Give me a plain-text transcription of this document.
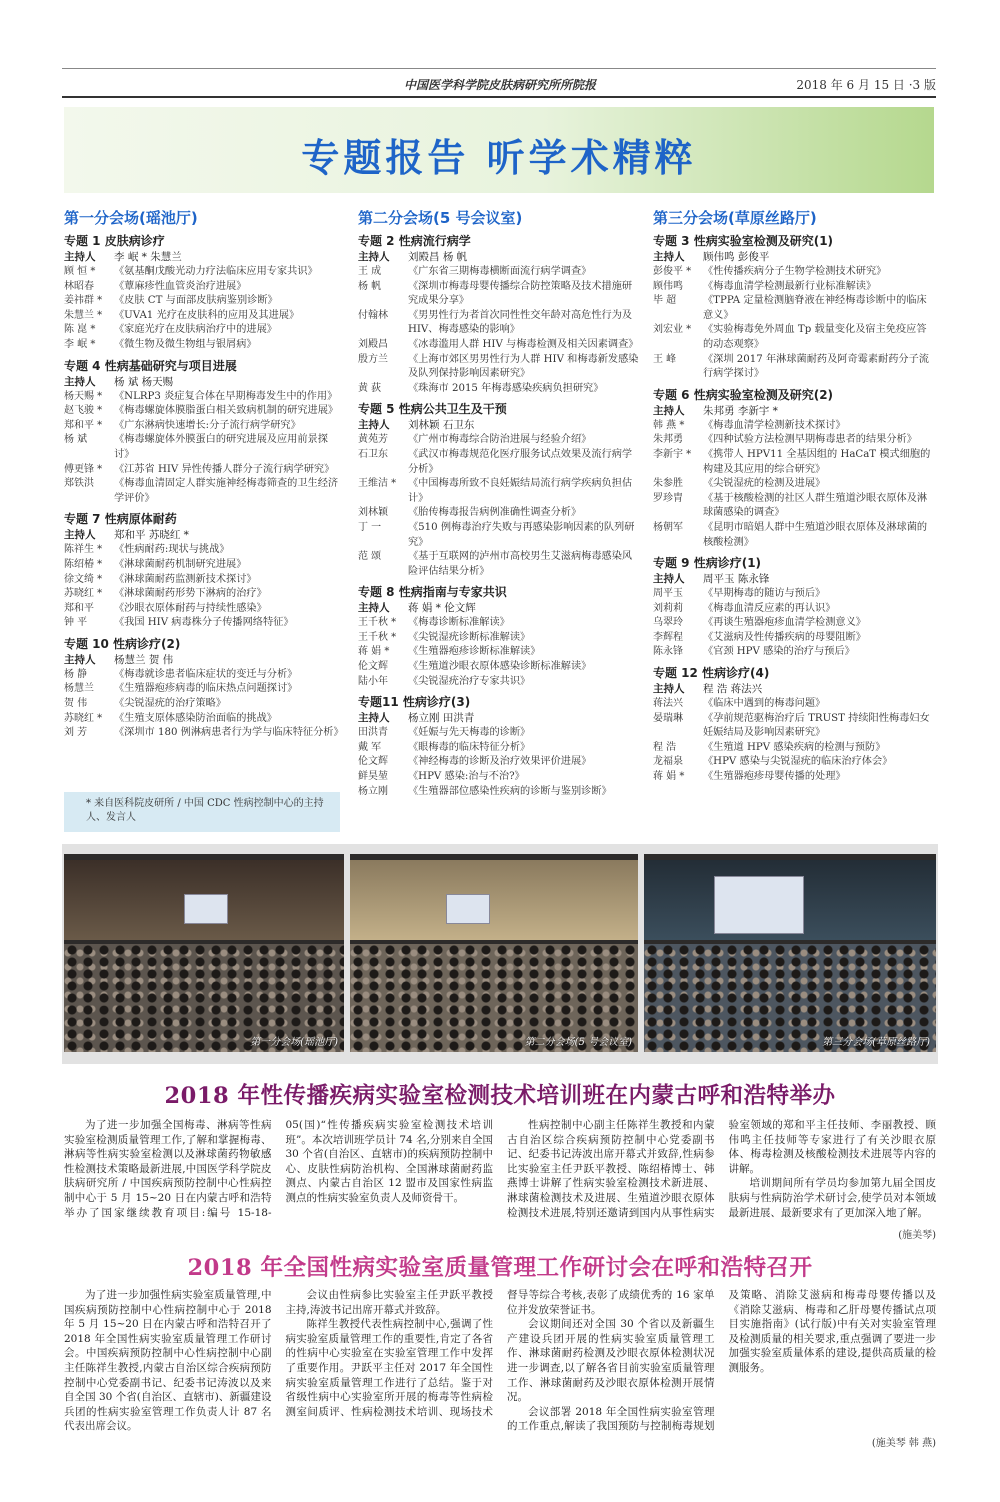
中国医学科学院皮肤病研究所所院报	2018 年 6 月 15 日 ·3 版
专题报告 听学术精粹
第一分会场(瑶池厅)
专题 1 皮肤病诊疗
主持人	李 岷 * 朱慧兰
顾 恒 *	《氨基酮戊酸光动力疗法临床应用专家共识》
林昭春	《蕈麻疹性血管炎治疗进展》
姜祎群 *	《皮肤 CT 与面部皮肤病鉴别诊断》
朱慧兰 *	《UVA1 光疗在皮肤科的应用及其进展》
陈 崑 *	《家庭光疗在皮肤病治疗中的进展》
李 岷 *	《微生物及微生物组与银屑病》
专题 4 性病基础研究与项目进展
主持人	杨 斌 杨天赐
杨天赐 *	《NLRP3 炎症复合体在早期梅毒发生中的作用》
赵飞骏 *	《梅毒螺旋体膜脂蛋白相关致病机制的研究进展》
郑和平 *	《广东淋病快速增长:分子流行病学研究》
杨 斌	《梅毒螺旋体外膜蛋白的研究进展及应用前景探讨》
傅更锋 *	《江苏省 HIV 异性传播人群分子流行病学研究》
郑铁洪	《梅毒血清固定人群实施神经梅毒筛查的卫生经济学评价》
专题 7 性病原体耐药
主持人	郑和平 苏晓红 *
陈祥生 *	《性病耐药:现状与挑战》
陈绍椿 *	《淋球菌耐药机制研究进展》
徐文绮 *	《淋球菌耐药监测新技术探讨》
苏晓红 *	《淋球菌耐药形势下淋病的治疗》
郑和平	《沙眼衣原体耐药与持续性感染》
钟 平	《我国 HIV 病毒株分子传播网络特征》
专题 10 性病诊疗(2)
主持人	杨慧兰 贺 伟
杨 静	《梅毒就诊患者临床症状的变迁与分析》
杨慧兰	《生殖器疱疹病毒的临床热点问题探讨》
贺 伟	《尖锐湿疣的治疗策略》
苏晓红 *	《生殖支原体感染防治面临的挑战》
刘 芳	《深圳市 180 例淋病患者行为学与临床特征分析》
第二分会场(5 号会议室)
专题 2 性病流行病学
主持人	刘殿昌 杨 帆
王 成	《广东省三期梅毒横断面流行病学调查》
杨 帆	《深圳市梅毒母婴传播综合防控策略及技术措施研究成果分享》
付翰林	《男男性行为者首次同性性交年龄对高危性行为及 HIV、梅毒感染的影响》
刘殿昌	《冰毒滥用人群 HIV 与梅毒检测及相关因素调查》
殷方兰	《上海市郊区男男性行为人群 HIV 和梅毒新发感染及队列保持影响因素研究》
黄 荻	《珠海市 2015 年梅毒感染疾病负担研究》
专题 5 性病公共卫生及干预
主持人	刘林颖 石卫东
黄苑芳	《广州市梅毒综合防治进展与经验介绍》
石卫东	《武汉市梅毒规范化医疗服务试点效果及流行病学分析》
王维洁 *	《中国梅毒所致不良妊娠结局流行病学疾病负担估计》
刘林颖	《胎传梅毒报告病例准确性调查分析》
丁 一	《510 例梅毒治疗失败与再感染影响因素的队列研究》
范 颂	《基于互联网的泸州市高校男生艾滋病梅毒感染风险评估结果分析》
专题 8 性病指南与专家共识
主持人	蒋 娟 * 伦文辉
王千秋 *	《梅毒诊断标准解读》
王千秋 *	《尖锐湿疣诊断标准解读》
蒋 娟 *	《生殖器疱疹诊断标准解读》
伦文辉	《生殖道沙眼衣原体感染诊断标准解读》
陆小年	《尖锐湿疣治疗专家共识》
专题11 性病诊疗(3)
主持人	杨立刚 田洪青
田洪青	《妊娠与先天梅毒的诊断》
戴 军	《眼梅毒的临床特征分析》
伦文辉	《神经梅毒的诊断及治疗效果评价进展》
鲜昊堃	《HPV 感染:治与不治?》
杨立刚	《生殖器部位感染性疾病的诊断与鉴别诊断》
第三分会场(草原丝路厅)
专题 3 性病实验室检测及研究(1)
主持人	顾伟鸣 彭俊平
彭俊平 *	《性传播疾病分子生物学检测技术研究》
顾伟鸣	《梅毒血清学检测最新行业标准解读》
毕 超	《TPPA 定量检测脑脊液在神经梅毒诊断中的临床意义》
刘宏业 *	《实验梅毒免外周血 Tp 载量变化及宿主免疫应答的动态观察》
王 峰	《深圳 2017 年淋球菌耐药及阿奇霉素耐药分子流行病学探讨》
专题 6 性病实验室检测及研究(2)
主持人	朱邦勇 李新宇 *
韩 燕 *	《梅毒血清学检测新技术探讨》
朱邦勇	《四种试验方法检测早期梅毒患者的结果分析》
李新宇 *	《携带人 HPV11 全基因组的 HaCaT 模式细胞的构建及其应用的综合研究》
朱参胜	《尖锐湿疣的检测及进展》
罗珍胄	《基于核酸检测的社区人群生殖道沙眼衣原体及淋球菌感染的调查》
杨朝军	《昆明市暗娼人群中生殖道沙眼衣原体及淋球菌的核酸检测》
专题 9 性病诊疗(1)
主持人	周平玉 陈永锋
周平玉	《早期梅毒的随访与预后》
刘莉莉	《梅毒血清反应素的再认识》
乌翠玲	《再谈生殖器疱疹血清学检测意义》
李辉程	《艾滋病及性传播疾病的母婴阻断》
陈永锋	《官颈 HPV 感染的治疗与预后》
专题 12 性病诊疗(4)
主持人	程 浩 蒋法兴
蒋法兴	《临床中遇到的梅毒问题》
晏瑞琳	《孕前规范驱梅治疗后 TRUST 持续阳性梅毒妇女妊娠结局及影响因素研究》
程 浩	《生殖道 HPV 感染疾病的检测与预防》
龙福泉	《HPV 感染与尖锐湿疣的临床治疗体会》
蒋 娟 *	《生殖器疱疹母婴传播的处理》
* 来自医科院皮研所 / 中国 CDC 性病控制中心的主持人、发言人
第一分会场(瑶池厅)	第二分会场(5 号会议室)	第三分会场(草原丝路厅)
2018 年性传播疾病实验室检测技术培训班在内蒙古呼和浩特举办

为了进一步加强全国梅毒、淋病等性病实验室检测质量管理工作,了解和掌握梅毒、淋病等性病实验室检测以及淋球菌药物敏感性检测技术策略最新进展,中国医学科学院皮肤病研究所 / 中国疾病预防控制中心性病控制中心于 5 月 15~20 日在内蒙古呼和浩特举办了国家继续教育项目:编号 15-18-05(国)“性传播疾病实验室检测技术培训班”。本次培训班学员计 74 名,分别来自全国 30 个省(自治区、直辖市)的疾病预防控制中心、皮肤性病防治机构、全国淋球菌耐药监测点、内蒙古自治区 12 盟市及国家性病监测点的性病实验室负责人及师资骨干。

性病控制中心副主任陈祥生教授和内蒙古自治区综合疾病预防控制中心党委副书记、纪委书记涛波出席开幕式并致辞,性病参比实验室主任尹跃平教授、陈绍椿博士、韩燕博士讲解了性病实验室检测技术新进展、淋球菌检测技术及进展、生殖道沙眼衣原体检测技术进展,特别还邀请到国内从事性病实验室领域的郑和平主任技师、李丽教授、顾伟鸣主任技师等专家进行了有关沙眼衣原体、梅毒检测及核酸检测技术进展等内容的讲解。

培训期间所有学员均参加第九届全国皮肤病与性病防治学术研讨会,使学员对本领域最新进展、最新要求有了更加深入地了解。

(施美琴)
2018 年全国性病实验室质量管理工作研讨会在呼和浩特召开

为了进一步加强性病实验室质量管理,中国疾病预防控制中心性病控制中心于 2018 年 5 月 15~20 日在内蒙古呼和浩特召开了 2018 年全国性病实验室质量管理工作研讨会。中国疾病预防控制中心性病控制中心副主任陈祥生教授,内蒙古自治区综合疾病预防控制中心党委副书记、纪委书记涛波以及来自全国 30 个省(自治区、直辖市)、新疆建设兵团的性病实验室管理工作负责人计 87 名代表出席会议。

会议由性病参比实验室主任尹跃平教授主持,涛波书记出席开幕式并致辞。

陈祥生教授代表性病控制中心,强调了性病实验室质量管理工作的重要性,肯定了各省的性病中心实验室在实验室管理工作中发挥了重要作用。尹跃平主任对 2017 年全国性病实验室质量管理工作进行了总结。鉴于对省级性病中心实验室所开展的梅毒等性病检测室间质评、性病检测技术培训、现场技术督导等综合考核,表彰了成绩优秀的 16 家单位并发放荣誉证书。

会议期间还对全国 30 个省以及新疆生产建设兵团开展的性病实验室质量管理工作、淋球菌耐药检测及沙眼衣原体检测状况进一步调查,以了解各省目前实验室质量管理工作、淋球菌耐药及沙眼衣原体检测开展情况。

会议部署 2018 年全国性病实验室管理的工作重点,解读了我国预防与控制梅毒规划及策略、消除艾滋病和梅毒母婴传播以及《消除艾滋病、梅毒和乙肝母婴传播试点项目实施指南》(试行版)中有关对实验室管理及检测质量的相关要求,重点强调了要进一步加强实验室质量体系的建设,提供高质量的检测服务。

(施美琴 韩 燕)
